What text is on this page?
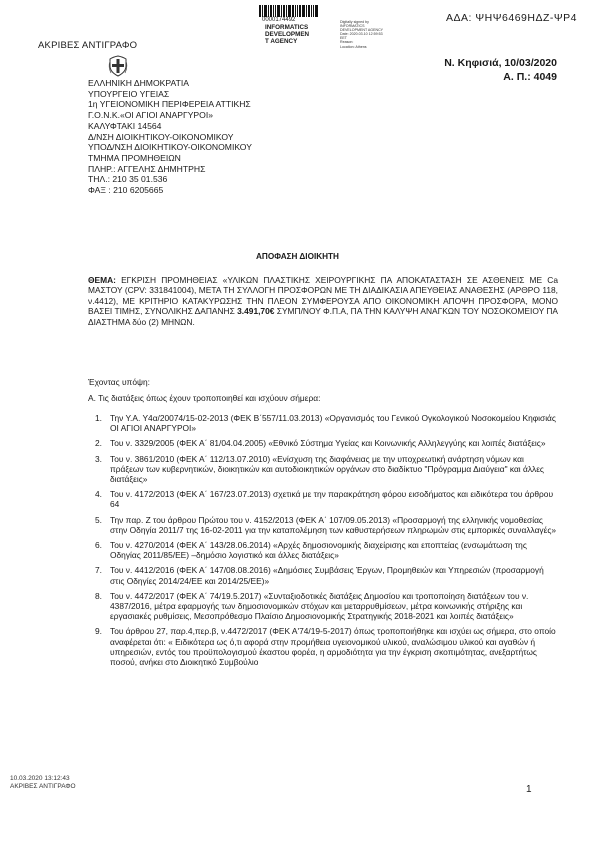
ΑΚΡΙΒΕΣ ΑΝΤΙΓΡΑΦΟ
0000174492
INFORMATICS
DEVELOPMEN
T AGENCY
Digitally signed by
INFORMATICS
DEVELOPMENT AGENCY
Date: 2020.03.10 12:59:53
EET
Reason:
Location: Athens
ΑΔΑ: ΨΗΨ6469ΗΔΖ-ΨΡ4
Ν. Κηφισιά, 10/03/2020
Α. Π.: 4049
ΕΛΛΗΝΙΚΗ ΔΗΜΟΚΡΑΤΙΑ
ΥΠΟΥΡΓΕΙΟ ΥΓΕΙΑΣ
1η ΥΓΕΙΟΝΟΜΙΚΗ ΠΕΡΙΦΕΡΕΙΑ ΑΤΤΙΚΗΣ
Γ.Ο.Ν.Κ.«ΟΙ ΑΓΙΟΙ ΑΝΑΡΓΥΡΟΙ»
ΚΑΛΥΦΤΑΚΙ 14564
Δ/ΝΣΗ ΔΙΟΙΚΗΤΙΚΟΥ-ΟΙΚΟΝΟΜΙΚΟΥ
ΥΠΟΔ/ΝΣΗ ΔΙΟΙΚΗΤΙΚΟΥ-ΟΙΚΟΝΟΜΙΚΟΥ
ΤΜΗΜΑ ΠΡΟΜΗΘΕΙΩΝ
ΠΛΗΡ.: ΑΓΓΕΛΗΣ ΔΗΜΗΤΡΗΣ
ΤΗΛ.: 210 35 01.536
ΦΑΞ : 210 6205665
ΑΠΟΦΑΣΗ ΔΙΟΙΚΗΤΗ
ΘΕΜΑ: ΕΓΚΡΙΣΗ ΠΡΟΜΗΘΕΙΑΣ «ΥΛΙΚΩΝ ΠΛΑΣΤΙΚΗΣ ΧΕΙΡΟΥΡΓΙΚΗΣ ΠΑ ΑΠΟΚΑΤΑΣΤΑΣΗ ΣΕ ΑΣΘΕΝΕΙΣ ΜΕ Ca ΜΑΣΤΟΥ (CPV: 331841004), ΜΕΤΑ ΤΗ ΣΥΛΛΟΓΗ ΠΡΟΣΦΟΡΩΝ ΜΕ ΤΗ ΔΙΑΔΙΚΑΣΙΑ ΑΠΕΥΘΕΙΑΣ ΑΝΑΘΕΣΗΣ (ΑΡΘΡΟ 118, ν.4412), ΜΕ ΚΡΙΤΗΡΙΟ ΚΑΤΑΚΥΡΩΣΗΣ ΤΗΝ ΠΛΕΟΝ ΣΥΜΦΕΡΟΥΣΑ ΑΠΟ ΟΙΚΟΝΟΜΙΚΗ ΑΠΟΨΗ ΠΡΟΣΦΟΡΑ, ΜΟΝΟ ΒΑΣΕΙ ΤΙΜΗΣ, ΣΥΝΟΛΙΚΗΣ ΔΑΠΑΝΗΣ 3.491,70€ ΣΥΜΠ/ΝΟΥ Φ.Π.Α, ΠΑ ΤΗΝ ΚΑΛΥΨΗ ΑΝΑΓΚΩΝ ΤΟΥ ΝΟΣΟΚΟΜΕΙΟΥ ΠΑ ΔΙΑΣΤΗΜΑ δύο (2) ΜΗΝΩΝ.
Έχοντας υπόψη:
Α. Τις διατάξεις όπως έχουν τροποποιηθεί και ισχύουν σήμερα:
1. Την Υ.Α. Υ4α/20074/15-02-2013 (ΦΕΚ Β΄557/11.03.2013) «Οργανισμός του Γενικού Ογκολογικού Νοσοκομείου Κηφισιάς ΟΙ ΑΓΙΟΙ ΑΝΑΡΓΥΡΟΙ»
2. Του ν. 3329/2005 (ΦΕΚ Α΄ 81/04.04.2005) «Εθνικό Σύστημα Υγείας και Κοινωνικής Αλληλεγγύης και λοιπές διατάξεις»
3. Του ν. 3861/2010 (ΦΕΚ Α΄ 112/13.07.2010) «Ενίσχυση της διαφάνειας με την υποχρεωτική ανάρτηση νόμων και πράξεων των κυβερνητικών, διοικητικών και αυτοδιοικητικών οργάνων στο διαδίκτυο "Πρόγραμμα Διαύγεια" και άλλες διατάξεις»
4. Του ν. 4172/2013 (ΦΕΚ Α΄ 167/23.07.2013) σχετικά με την παρακράτηση φόρου εισοδήματος και ειδικότερα του άρθρου 64
5. Την παρ. Ζ του άρθρου Πρώτου του ν. 4152/2013 (ΦΕΚ Α΄ 107/09.05.2013) «Προσαρμογή της ελληνικής νομοθεσίας στην Οδηγία 2011/7 της 16-02-2011 για την καταπολέμηση των καθυστερήσεων πληρωμών στις εμπορικές συναλλαγές»
6. Του ν. 4270/2014 (ΦΕΚ Α΄ 143/28.06.2014) «Αρχές δημοσιονομικής διαχείρισης και εποπτείας (ενσωμάτωση της Οδηγίας 2011/85/ΕΕ) –δημόσιο λογιστικό και άλλες διατάξεις»
7. Του ν. 4412/2016 (ΦΕΚ Α΄ 147/08.08.2016) «Δημόσιες Συμβάσεις Έργων, Προμηθειών και Υπηρεσιών (προσαρμογή στις Οδηγίες 2014/24/ΕΕ και 2014/25/ΕΕ)»
8. Του ν. 4472/2017 (ΦΕΚ Α΄ 74/19.5.2017) «Συνταξιοδοτικές διατάξεις Δημοσίου και τροποποίηση διατάξεων του ν. 4387/2016, μέτρα εφαρμογής των δημοσιονομικών στόχων και μεταρρυθμίσεων, μέτρα κοινωνικής στήριξης και εργασιακές ρυθμίσεις, Μεσοπρόθεσμο Πλαίσιο Δημοσιονομικής Στρατηγικής 2018-2021 και λοιπές διατάξεις»
9. Του άρθρου 27, παρ.4,περ.β, ν.4472/2017 (ΦΕΚ Α'74/19-5-2017) όπως τροποποιήθηκε και ισχύει ως σήμερα, στο οποίο αναφέρεται ότι: « Ειδικότερα ως ό,τι αφορά στην προμήθεια υγειονομικού υλικού, αναλώσιμου υλικού και αγαθών ή υπηρεσιών, εντός του προϋπολογισμού έκαστου φορέα, η αρμοδιότητα για την έγκριση σκοπιμότητας, ανεξαρτήτως ποσού, ανήκει στο Διοικητικό Συμβούλιο
10.03.2020 13:12:43
ΑΚΡΙΒΕΣ ΑΝΤΙΓΡΑΦΟ	1
